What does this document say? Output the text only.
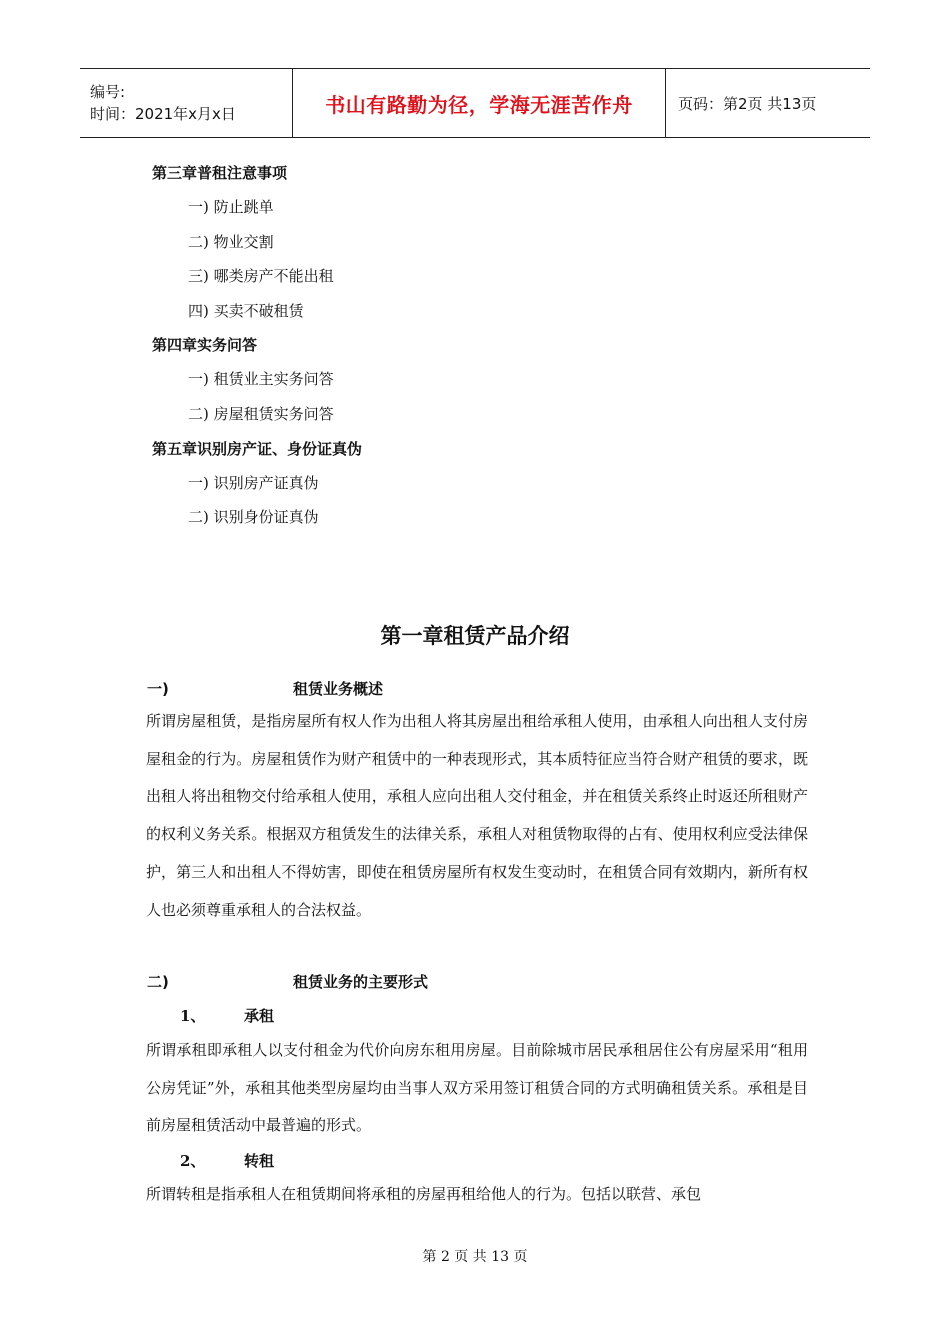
编号:
时间：2021年x月x日	书山有路勤为径，学海无涯苦作舟	页码：第2页 共13页
第三章普租注意事项
一) 防止跳单
二) 物业交割
三) 哪类房产不能出租
四) 买卖不破租赁
第四章实务问答
一) 租赁业主实务问答
二) 房屋租赁实务问答
第五章识别房产证、身份证真伪
一) 识别房产证真伪
二) 识别身份证真伪
第一章租赁产品介绍
一)	租赁业务概述

所谓房屋租赁，是指房屋所有权人作为出租人将其房屋出租给承租人使用，由承租人向出租人支付房屋租金的行为。房屋租赁作为财产租赁中的一种表现形式，其本质特征应当符合财产租赁的要求，既出租人将出租物交付给承租人使用，承租人应向出租人交付租金，并在租赁关系终止时返还所租财产的权利义务关系。根据双方租赁发生的法律关系，承租人对租赁物取得的占有、使用权利应受法律保护，第三人和出租人不得妨害，即使在租赁房屋所有权发生变动时，在租赁合同有效期内，新所有权人也必须尊重承租人的合法权益。

二)	租赁业务的主要形式
1、	承租

所谓承租即承租人以支付租金为代价向房东租用房屋。目前除城市居民承租居住公有房屋采用“租用公房凭证”外，承租其他类型房屋均由当事人双方采用签订租赁合同的方式明确租赁关系。承租是目前房屋租赁活动中最普遍的形式。

2、	转租

所谓转租是指承租人在租赁期间将承租的房屋再租给他人的行为。包括以联营、承包

第 2 页 共 13 页
